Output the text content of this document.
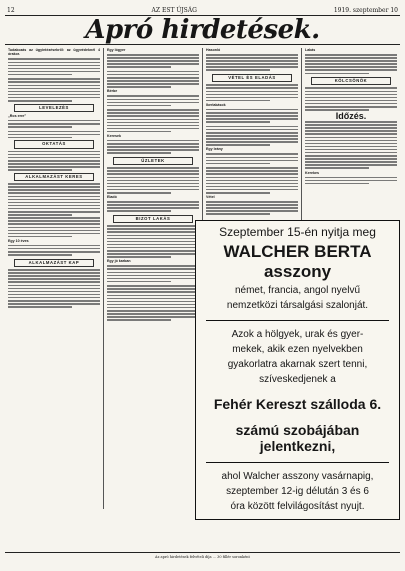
12	AZ EST ÚJSÁG	1919. szeptember 10
Apró hirdetések.
Tudakozás az ügyintézésekről: az ügyvédeknél 4 órakor.
LEVELEZÉS
„Ros erre”
OKTATÁS
ALKALMAZÁST KERES
Egy 10 éves
ALKALMAZÁST KAP
Egy lógyer
Bérbe
Keresek
ÜZLETEK
Eladó
BIZOT LAKÁS
Egy jó karban
Hasonló
VÉTEL ÉS ELADÁS
Ikerlakások
Egy leány
Vétel
Lakás
KÖLCSÖNÖK
Időzés.
Kerekes
Szeptember 15-én nyitja meg
WALCHER BERTA asszony

német, francia, angol nyelvű

nemzetközi társalgási szalonját.

Azok a hölgyek, urak és gyer-

mekek, akik ezen nyelvekben

gyakorlatra akarnak szert tenni,

szíveskedjenek a

Fehér Kereszt szálloda 6.

számú szobájában jelentkezni,

ahol Walcher asszony vasárnapig,

szeptember 12-ig délután 3 és 6

óra között felvilágosítást nyujt.

Az apró hirdetések felvételi díja ... 30 fillér soronként
